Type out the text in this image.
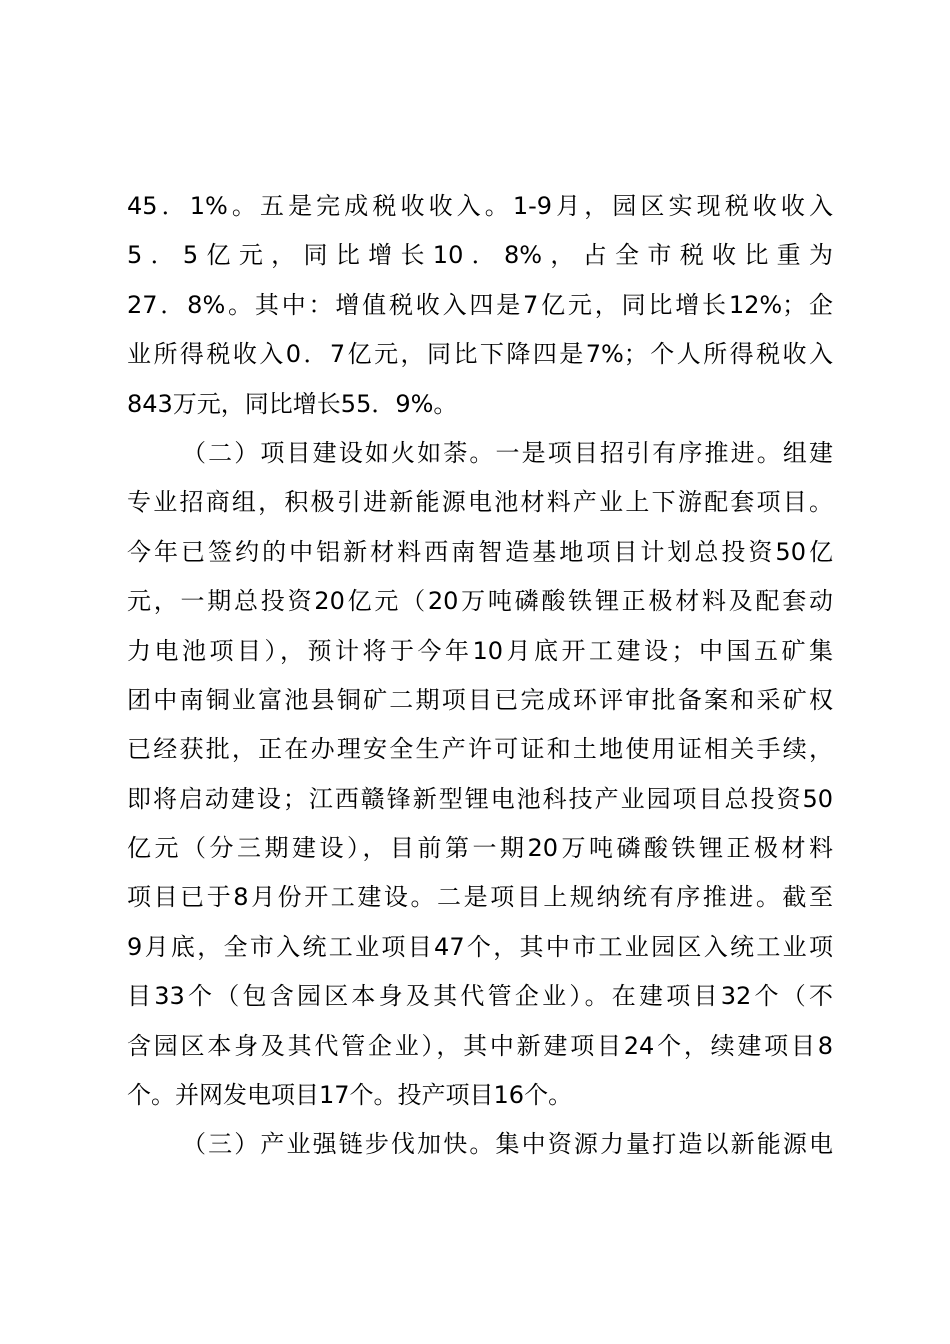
45．1%。五是完成税收收入。1-9月，园区实现税收收入
5．5亿元，同比增长10．8%，占全市税收比重为
27．8%。其中：增值税收入四是7亿元，同比增长12%；企
业所得税收入0．7亿元，同比下降四是7%；个人所得税收入
843万元，同比增长55．9%。
（二）项目建设如火如荼。一是项目招引有序推进。组建
专业招商组，积极引进新能源电池材料产业上下游配套项目。
今年已签约的中铝新材料西南智造基地项目计划总投资50亿
元，一期总投资20亿元（20万吨磷酸铁锂正极材料及配套动
力电池项目），预计将于今年10月底开工建设；中国五矿集
团中南铜业富池县铜矿二期项目已完成环评审批备案和采矿权
已经获批，正在办理安全生产许可证和土地使用证相关手续，
即将启动建设；江西赣锋新型锂电池科技产业园项目总投资50
亿元（分三期建设），目前第一期20万吨磷酸铁锂正极材料
项目已于8月份开工建设。二是项目上规纳统有序推进。截至
9月底，全市入统工业项目47个，其中市工业园区入统工业项
目33个（包含园区本身及其代管企业）。在建项目32个（不
含园区本身及其代管企业），其中新建项目24个，续建项目8
个。并网发电项目17个。投产项目16个。
（三）产业强链步伐加快。集中资源力量打造以新能源电
